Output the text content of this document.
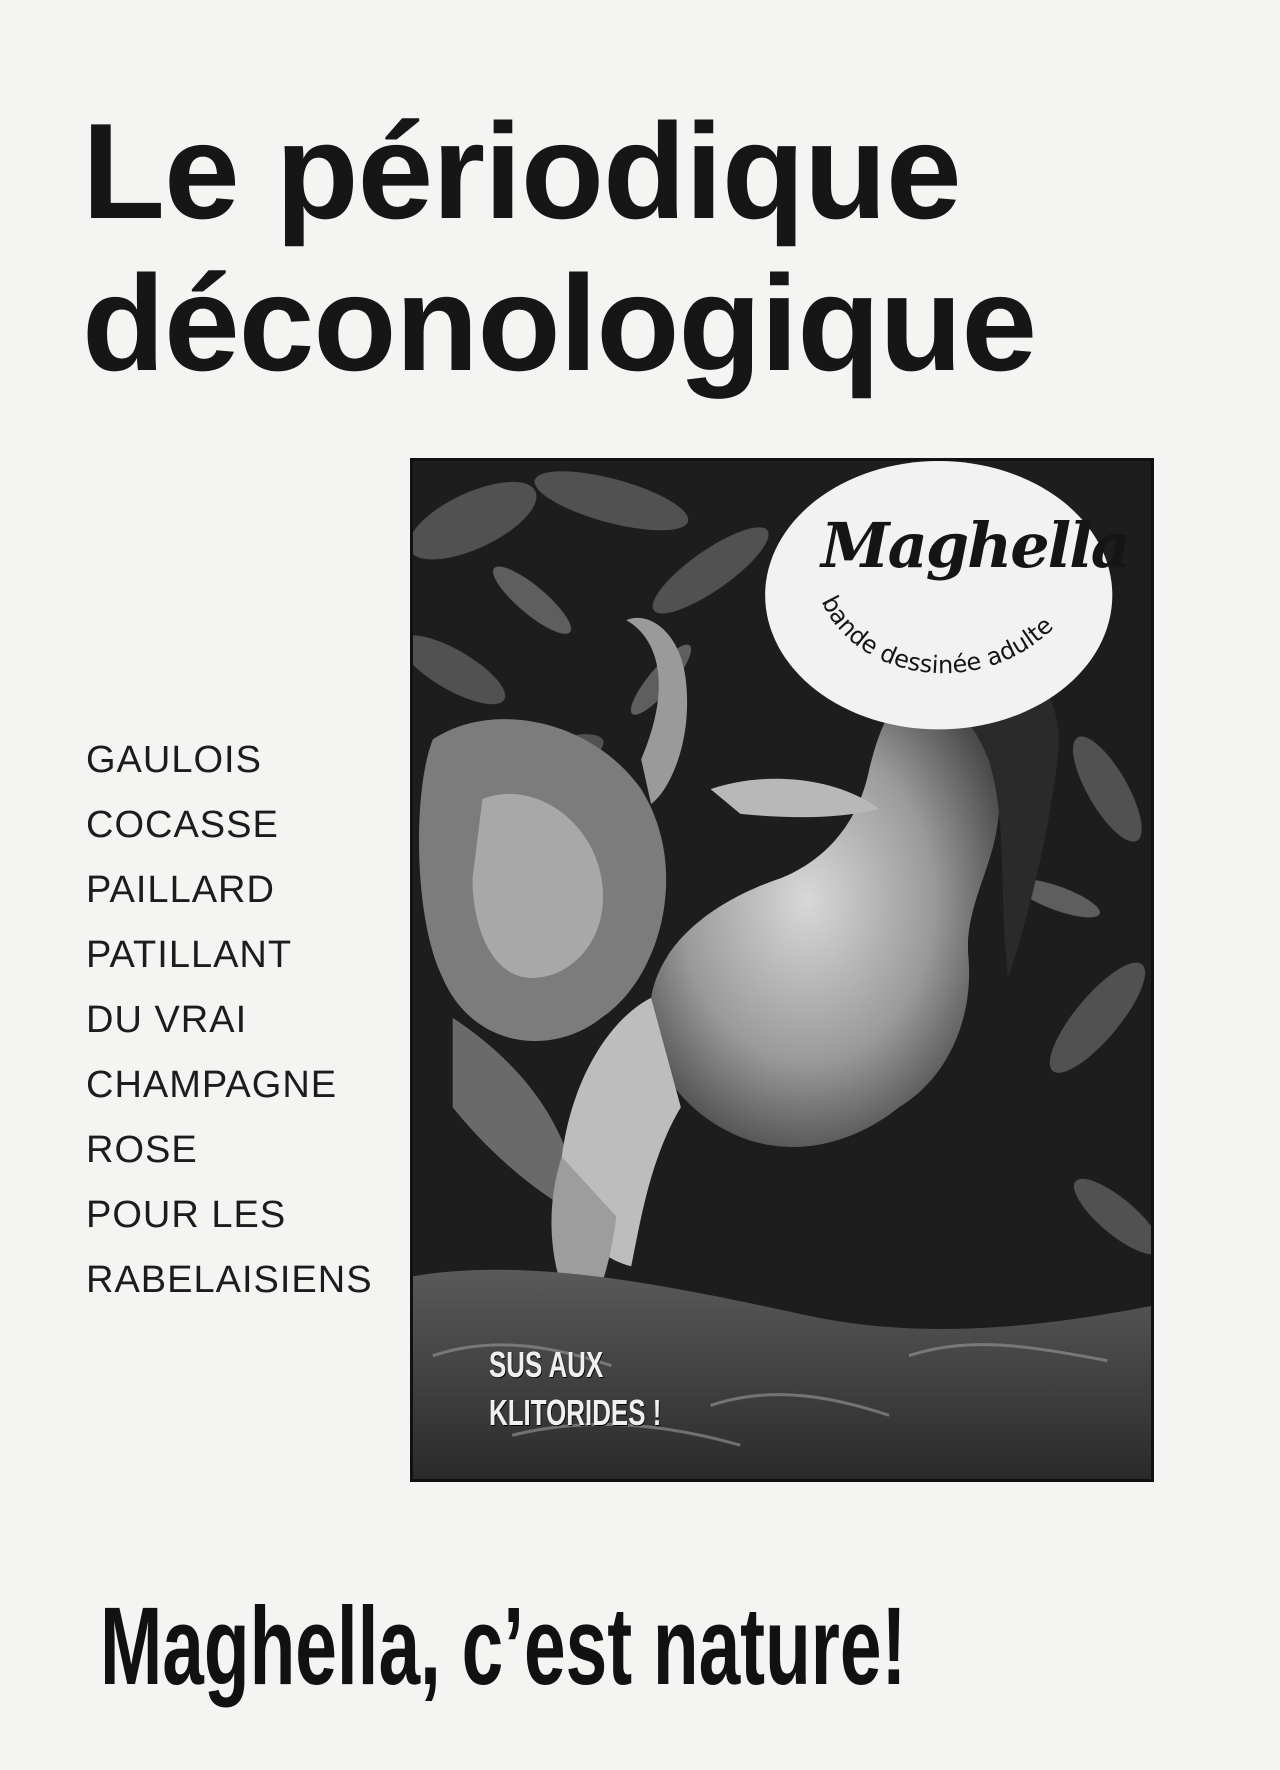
Le périodique
déconologique
GAULOIS
COCASSE
PAILLARD
PATILLANT
DU VRAI
CHAMPAGNE
ROSE
POUR LES
RABELAISIENS
Maghella
bande dessinée adulte
SUS AUX
KLITORIDES !
Maghella, c’est nature!
